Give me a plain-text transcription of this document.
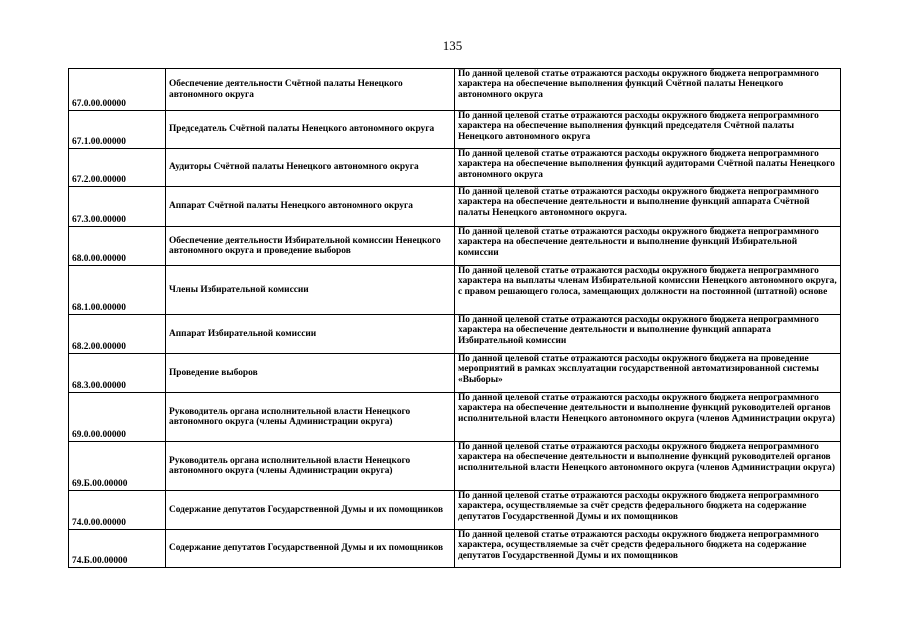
135
67.0.00.00000	Обеспечение деятельности Счётной палаты Ненецкого автономного округа	По данной целевой статье отражаются расходы окружного бюджета непрограммного характера на обеспечение выполнения функций Счётной палаты Ненецкого автономного округа
67.1.00.00000	Председатель Счётной палаты Ненецкого автономного округа	По данной целевой статье отражаются расходы окружного бюджета непрограммного характера на обеспечение выполнения функций председателя Счётной палаты Ненецкого автономного округа
67.2.00.00000	Аудиторы Счётной палаты Ненецкого автономного округа	По данной целевой статье отражаются расходы окружного бюджета непрограммного характера на обеспечение выполнения функций аудиторами Счётной палаты Ненецкого автономного округа
67.3.00.00000	Аппарат Счётной палаты Ненецкого автономного округа	По данной целевой статье отражаются расходы окружного бюджета непрограммного характера на обеспечение деятельности и выполнение функций аппарата Счётной палаты Ненецкого автономного округа.
68.0.00.00000	Обеспечение деятельности Избирательной комиссии Ненецкого автономного округа и проведение выборов	По данной целевой статье отражаются расходы окружного бюджета непрограммного характера на обеспечение деятельности и выполнение функций Избирательной комиссии
68.1.00.00000	Члены Избирательной комиссии	По данной целевой статье отражаются расходы окружного бюджета непрограммного характера на выплаты членам Избирательной комиссии Ненецкого автономного округа, с правом решающего голоса, замещающих должности на постоянной (штатной) основе
68.2.00.00000	Аппарат Избирательной комиссии	По данной целевой статье отражаются расходы окружного бюджета непрограммного характера на обеспечение деятельности и выполнение функций аппарата Избирательной комиссии
68.3.00.00000	Проведение выборов	По данной целевой статье отражаются расходы окружного бюджета на проведение мероприятий в рамках эксплуатации государственной автоматизированной системы «Выборы»
69.0.00.00000	Руководитель органа исполнительной власти Ненецкого автономного округа (члены Администрации округа)	По данной целевой статье отражаются расходы окружного бюджета непрограммного характера на обеспечение деятельности и выполнение функций руководителей органов исполнительной власти Ненецкого автономного округа (членов Администрации округа)
69.Б.00.00000	Руководитель органа исполнительной власти Ненецкого автономного округа (члены Администрации округа)	По данной целевой статье отражаются расходы окружного бюджета непрограммного характера на обеспечение деятельности и выполнение функций руководителей органов исполнительной власти Ненецкого автономного округа (членов Администрации округа)
74.0.00.00000	Содержание депутатов Государственной Думы и их помощников	По данной целевой статье отражаются расходы окружного бюджета непрограммного характера, осуществляемые за счёт средств федерального бюджета на содержание депутатов Государственной Думы и их помощников
74.Б.00.00000	Содержание депутатов Государственной Думы и их помощников	По данной целевой статье отражаются расходы окружного бюджета непрограммного характера, осуществляемые за счёт средств федерального бюджета на содержание депутатов Государственной Думы и их помощников
